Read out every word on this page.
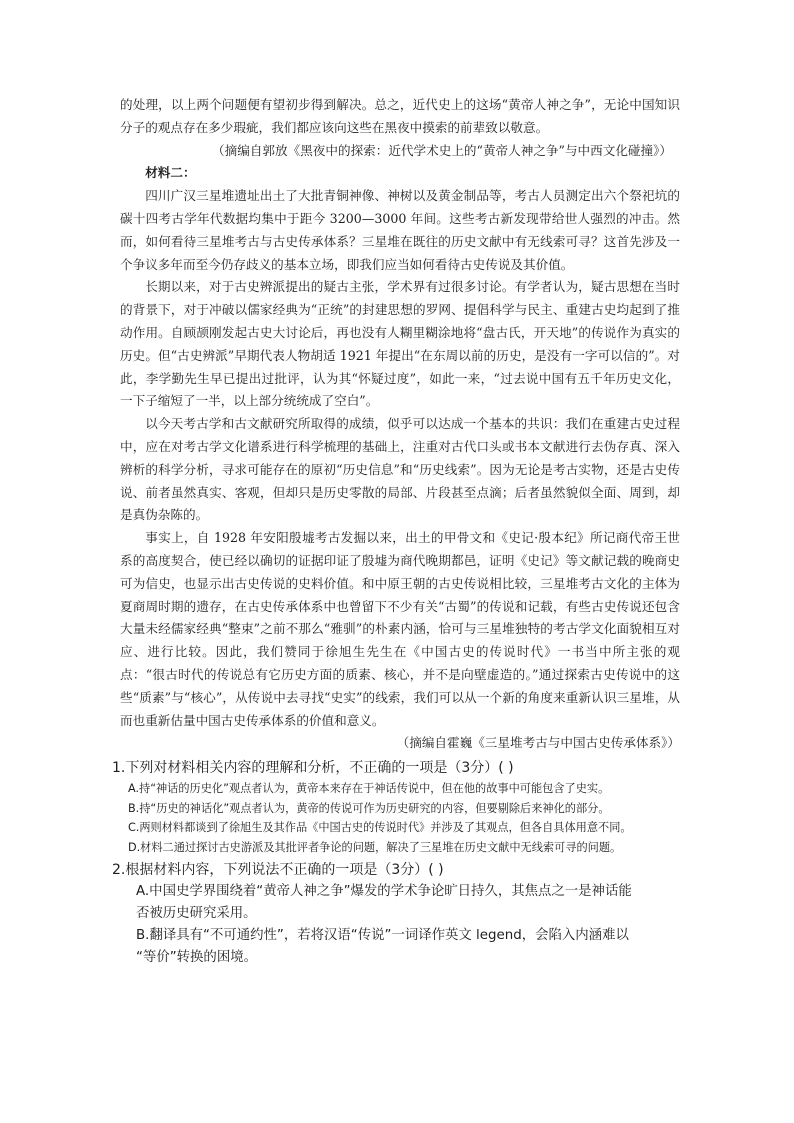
的处理，以上两个问题便有望初步得到解决。总之，近代史上的这场“黄帝人神之争”，无论中国知识分子的观点存在多少瑕疵，我们都应该向这些在黑夜中摸索的前辈致以敬意。

（摘编自郭放《黑夜中的探索：近代学术史上的“黄帝人神之争”与中西文化碰撞》）

材料二：

四川广汉三星堆遗址出土了大批青铜神像、神树以及黄金制品等，考古人员测定出六个祭祀坑的碳十四考古学年代数据均集中于距今 3200—3000 年间。这些考古新发现带给世人强烈的冲击。然而，如何看待三星堆考古与古史传承体系？三星堆在既往的历史文献中有无线索可寻？这首先涉及一个争议多年而至今仍存歧义的基本立场，即我们应当如何看待古史传说及其价值。

长期以来，对于古史辨派提出的疑古主张，学术界有过很多讨论。有学者认为，疑古思想在当时的背景下，对于冲破以儒家经典为“正统”的封建思想的罗网、提倡科学与民主、重建古史均起到了推动作用。自顾颉刚发起古史大讨论后，再也没有人糊里糊涂地将“盘古氏，开天地”的传说作为真实的历史。但“古史辨派”早期代表人物胡适 1921 年提出“在东周以前的历史，是没有一字可以信的”。对此，李学勤先生早已提出过批评，认为其“怀疑过度”，如此一来，“过去说中国有五千年历史文化，一下子缩短了一半，以上部分统统成了空白”。

以今天考古学和古文献研究所取得的成绩，似乎可以达成一个基本的共识：我们在重建古史过程中，应在对考古学文化谱系进行科学梳理的基础上，注重对古代口头或书本文献进行去伪存真、深入辨析的科学分析，寻求可能存在的原初“历史信息”和“历史线索”。因为无论是考古实物，还是古史传说、前者虽然真实、客观，但却只是历史零散的局部、片段甚至点滴；后者虽然貌似全面、周到，却是真伪杂陈的。

事实上，自 1928 年安阳殷墟考古发掘以来，出土的甲骨文和《史记·殷本纪》所记商代帝王世系的高度契合，使已经以确切的证据印证了殷墟为商代晚期都邑，证明《史记》等文献记载的晚商史可为信史，也显示出古史传说的史料价值。和中原王朝的古史传说相比较，三星堆考古文化的主体为夏商周时期的遗存，在古史传承体系中也曾留下不少有关“古蜀”的传说和记载，有些古史传说还包含大量未经儒家经典“整束”之前不那么“雅驯”的朴素内涵，恰可与三星堆独特的考古学文化面貌相互对应、进行比较。因此，我们赞同于徐旭生先生在《中国古史的传说时代》一书当中所主张的观点：“很古时代的传说总有它历史方面的质素、核心，并不是向壁虚造的。”通过探索古史传说中的这些“质素”与“核心”，从传说中去寻找“史实”的线索，我们可以从一个新的角度来重新认识三星堆，从而也重新估量中国古史传承体系的价值和意义。

（摘编自霍巍《三星堆考古与中国古史传承体系》）

1.下列对材料相关内容的理解和分析，不正确的一项是（3分）( )

A.持“神话的历史化”观点者认为，黄帝本来存在于神话传说中，但在他的故事中可能包含了史实。

B.持“历史的神话化”观点者认为，黄帝的传说可作为历史研究的内容，但要剔除后来神化的部分。

C.两则材料都谈到了徐旭生及其作品《中国古史的传说时代》并涉及了其观点，但各自具体用意不同。

D.材料二通过探讨古史游派及其批评者争论的问题，解决了三星堆在历史文献中无线索可寻的问题。

2.根据材料内容，下列说法不正确的一项是（3分）( )

A.中国史学界围绕着“黄帝人神之争”爆发的学术争论旷日持久，其焦点之一是神话能
否被历史研究采用。

B.翻译具有“不可通约性”，若将汉语“传说”一词译作英文 legend，会陷入内涵难以
“等价”转换的困境。
